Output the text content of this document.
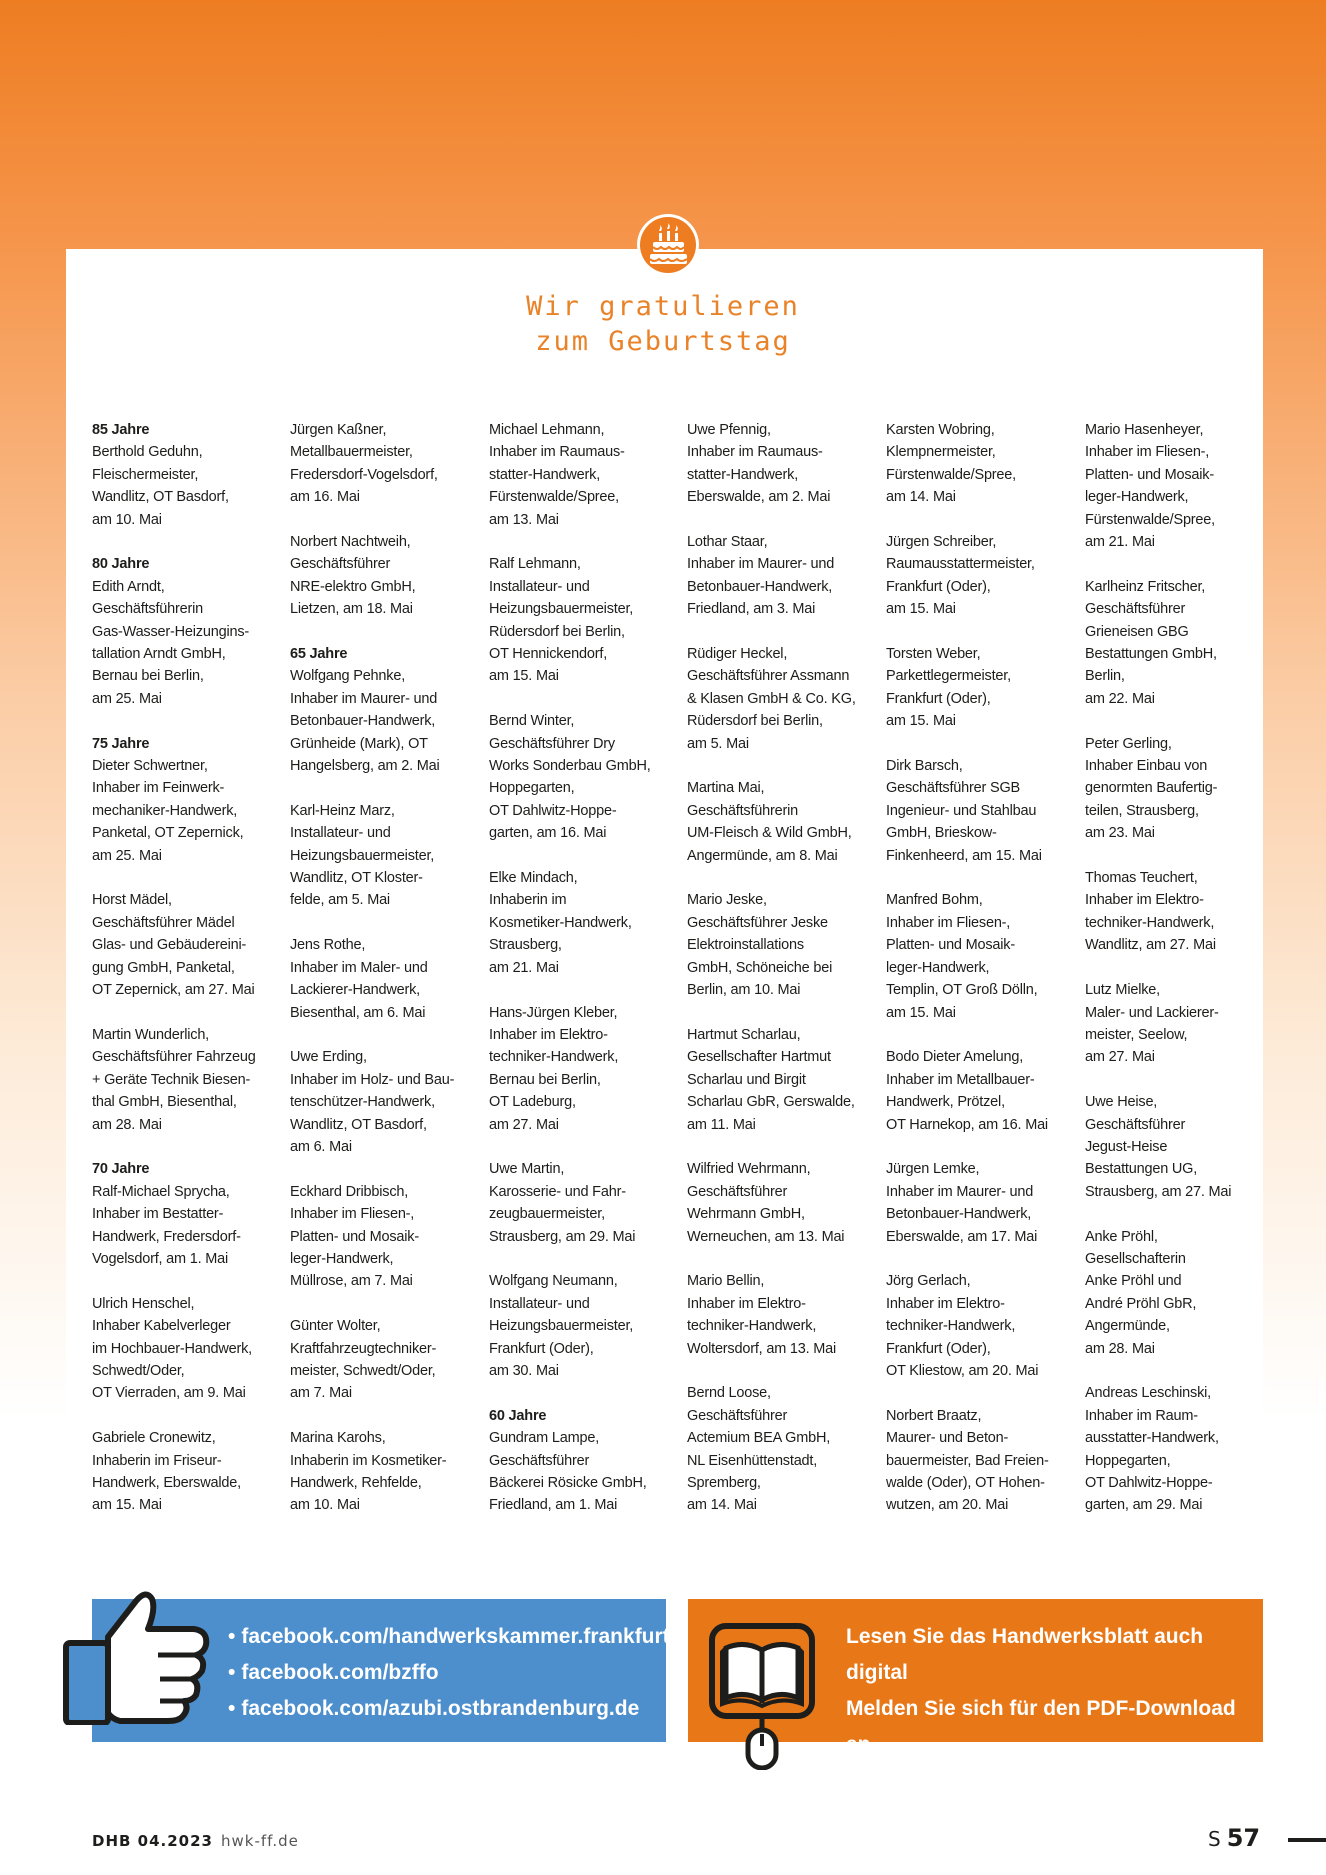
Wir gratulieren
zum Geburtstag
85 Jahre
Berthold Geduhn,
Fleischermeister,
Wandlitz, OT Basdorf,
am 10. Mai
80 Jahre
Edith Arndt,
Geschäftsführerin
Gas-Wasser-Heizungins-
tallation Arndt GmbH,
Bernau bei Berlin,
am 25. Mai
75 Jahre
Dieter Schwertner,
Inhaber im Feinwerk-
mechaniker-Handwerk,
Panketal, OT Zepernick,
am 25. Mai
Horst Mädel,
Geschäftsführer Mädel
Glas- und Gebäudereini-
gung GmbH, Panketal,
OT Zepernick, am 27. Mai
Martin Wunderlich,
Geschäftsführer Fahrzeug
+ Geräte Technik Biesen-
thal GmbH, Biesenthal,
am 28. Mai
70 Jahre
Ralf-Michael Sprycha,
Inhaber im Bestatter-
Handwerk, Fredersdorf-
Vogelsdorf, am 1. Mai
Ulrich Henschel,
Inhaber Kabelverleger
im Hochbauer-Handwerk,
Schwedt/Oder,
OT Vierraden, am 9. Mai
Gabriele Cronewitz,
Inhaberin im Friseur-
Handwerk, Eberswalde,
am 15. Mai
Jürgen Kaßner,
Metallbauermeister,
Fredersdorf-Vogelsdorf,
am 16. Mai
Norbert Nachtweih,
Geschäftsführer
NRE-elektro GmbH,
Lietzen, am 18. Mai
65 Jahre
Wolfgang Pehnke,
Inhaber im Maurer- und
Betonbauer-Handwerk,
Grünheide (Mark), OT
Hangelsberg, am 2. Mai
Karl-Heinz Marz,
Installateur- und
Heizungsbauermeister,
Wandlitz, OT Kloster-
felde, am 5. Mai
Jens Rothe,
Inhaber im Maler- und
Lackierer-Handwerk,
Biesenthal, am 6. Mai
Uwe Erding,
Inhaber im Holz- und Bau-
tenschützer-Handwerk,
Wandlitz, OT Basdorf,
am 6. Mai
Eckhard Dribbisch,
Inhaber im Fliesen-,
Platten- und Mosaik-
leger-Handwerk,
Müllrose, am 7. Mai
Günter Wolter,
Kraftfahrzeugtechniker-
meister, Schwedt/Oder,
am 7. Mai
Marina Karohs,
Inhaberin im Kosmetiker-
Handwerk, Rehfelde,
am 10. Mai
Michael Lehmann,
Inhaber im Raumaus-
statter-Handwerk,
Fürstenwalde/Spree,
am 13. Mai
Ralf Lehmann,
Installateur- und
Heizungsbauermeister,
Rüdersdorf bei Berlin,
OT Hennickendorf,
am 15. Mai
Bernd Winter,
Geschäftsführer Dry
Works Sonderbau GmbH,
Hoppegarten,
OT Dahlwitz-Hoppe-
garten, am 16. Mai
Elke Mindach,
Inhaberin im
Kosmetiker-Handwerk,
Strausberg,
am 21. Mai
Hans-Jürgen Kleber,
Inhaber im Elektro-
techniker-Handwerk,
Bernau bei Berlin,
OT Ladeburg,
am 27. Mai
Uwe Martin,
Karosserie- und Fahr-
zeugbauermeister,
Strausberg, am 29. Mai
Wolfgang Neumann,
Installateur- und
Heizungsbauermeister,
Frankfurt (Oder),
am 30. Mai
60 Jahre
Gundram Lampe,
Geschäftsführer
Bäckerei Rösicke GmbH,
Friedland, am 1. Mai
Uwe Pfennig,
Inhaber im Raumaus-
statter-Handwerk,
Eberswalde, am 2. Mai
Lothar Staar,
Inhaber im Maurer- und
Betonbauer-Handwerk,
Friedland, am 3. Mai
Rüdiger Heckel,
Geschäftsführer Assmann
& Klasen GmbH & Co. KG,
Rüdersdorf bei Berlin,
am 5. Mai
Martina Mai,
Geschäftsführerin
UM-Fleisch & Wild GmbH,
Angermünde, am 8. Mai
Mario Jeske,
Geschäftsführer Jeske
Elektroinstallations
GmbH, Schöneiche bei
Berlin, am 10. Mai
Hartmut Scharlau,
Gesellschafter Hartmut
Scharlau und Birgit
Scharlau GbR, Gerswalde,
am 11. Mai
Wilfried Wehrmann,
Geschäftsführer
Wehrmann GmbH,
Werneuchen, am 13. Mai
Mario Bellin,
Inhaber im Elektro-
techniker-Handwerk,
Woltersdorf, am 13. Mai
Bernd Loose,
Geschäftsführer
Actemium BEA GmbH,
NL Eisenhüttenstadt,
Spremberg,
am 14. Mai
Karsten Wobring,
Klempnermeister,
Fürstenwalde/Spree,
am 14. Mai
Jürgen Schreiber,
Raumausstattermeister,
Frankfurt (Oder),
am 15. Mai
Torsten Weber,
Parkettlegermeister,
Frankfurt (Oder),
am 15. Mai
Dirk Barsch,
Geschäftsführer SGB
Ingenieur- und Stahlbau
GmbH, Brieskow-
Finkenheerd, am 15. Mai
Manfred Bohm,
Inhaber im Fliesen-,
Platten- und Mosaik-
leger-Handwerk,
Templin, OT Groß Dölln,
am 15. Mai
Bodo Dieter Amelung,
Inhaber im Metallbauer-
Handwerk, Prötzel,
OT Harnekop, am 16. Mai
Jürgen Lemke,
Inhaber im Maurer- und
Betonbauer-Handwerk,
Eberswalde, am 17. Mai
Jörg Gerlach,
Inhaber im Elektro-
techniker-Handwerk,
Frankfurt (Oder),
OT Kliestow, am 20. Mai
Norbert Braatz,
Maurer- und Beton-
bauermeister, Bad Freien-
walde (Oder), OT Hohen-
wutzen, am 20. Mai
Mario Hasenheyer,
Inhaber im Fliesen-,
Platten- und Mosaik-
leger-Handwerk,
Fürstenwalde/Spree,
am 21. Mai
Karlheinz Fritscher,
Geschäftsführer
Grieneisen GBG
Bestattungen GmbH,
Berlin,
am 22. Mai
Peter Gerling,
Inhaber Einbau von
genormten Baufertig-
teilen, Strausberg,
am 23. Mai
Thomas Teuchert,
Inhaber im Elektro-
techniker-Handwerk,
Wandlitz, am 27. Mai
Lutz Mielke,
Maler- und Lackierer-
meister, Seelow,
am 27. Mai
Uwe Heise,
Geschäftsführer
Jegust-Heise
Bestattungen UG,
Strausberg, am 27. Mai
Anke Pröhl,
Gesellschafterin
Anke Pröhl und
André Pröhl GbR,
Angermünde,
am 28. Mai
Andreas Leschinski,
Inhaber im Raum-
ausstatter-Handwerk,
Hoppegarten,
OT Dahlwitz-Hoppe-
garten, am 29. Mai
• facebook.com/handwerkskammer.frankfurt
• facebook.com/bzffo
• facebook.com/azubi.ostbrandenburg.de
Lesen Sie das Handwerksblatt auch digital
Melden Sie sich für den PDF-Download an –
auf www.hwk-ff.de
DHB 04.2023 hwk-ff.de	S 57
